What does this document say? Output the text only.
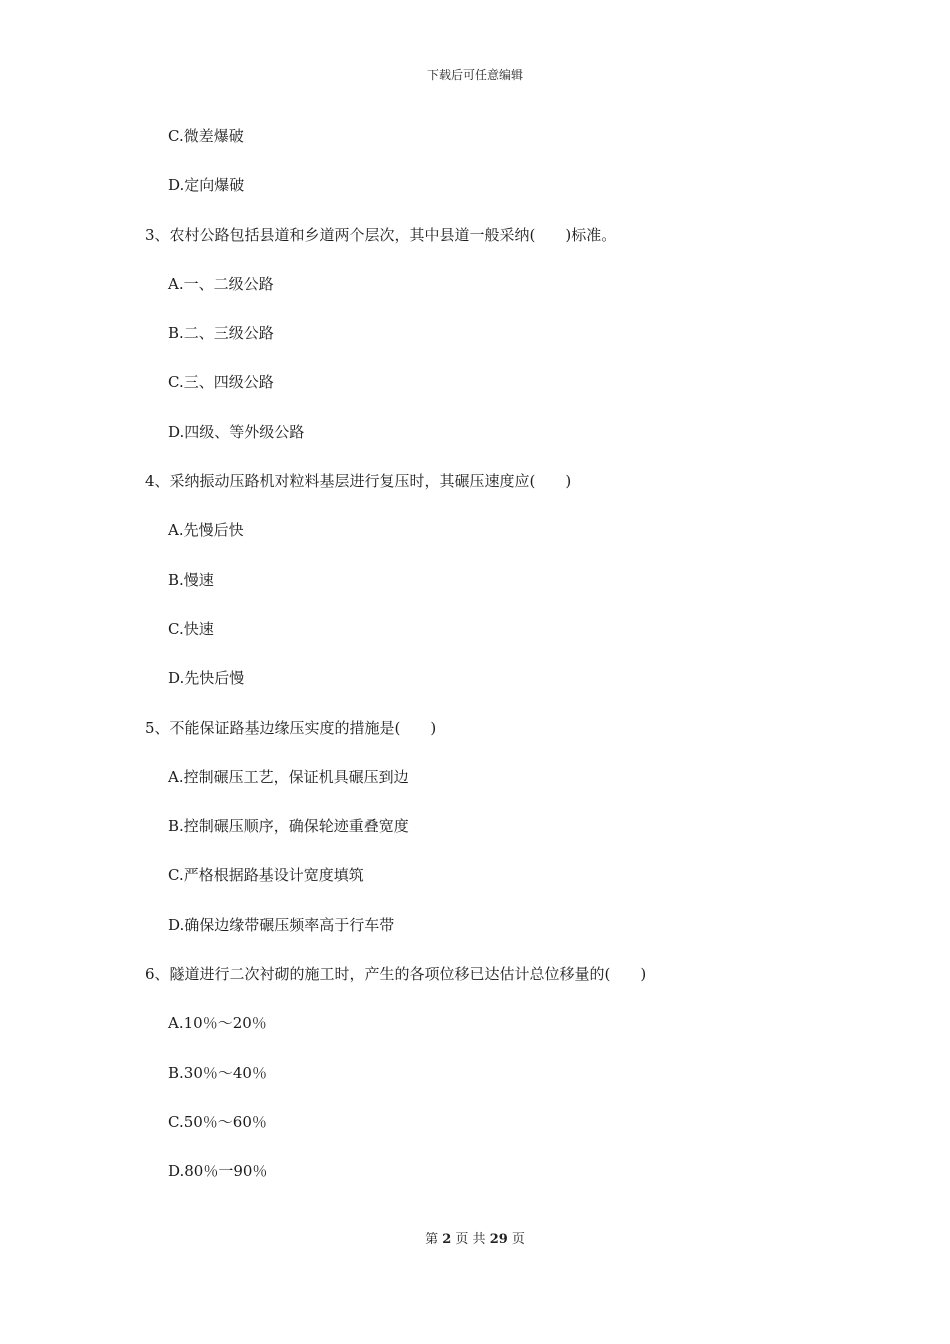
下载后可任意编辑
C.微差爆破
D.定向爆破
3、农村公路包括县道和乡道两个层次，其中县道一般采纳(　　)标准。
A.一、二级公路
B.二、三级公路
C.三、四级公路
D.四级、等外级公路
4、采纳振动压路机对粒料基层进行复压时，其碾压速度应(　　)
A.先慢后快
B.慢速
C.快速
D.先快后慢
5、不能保证路基边缘压实度的措施是(　　)
A.控制碾压工艺，保证机具碾压到边
B.控制碾压顺序，确保轮迹重叠宽度
C.严格根据路基设计宽度填筑
D.确保边缘带碾压频率高于行车带
6、隧道进行二次衬砌的施工时，产生的各项位移已达估计总位移量的(　　)
A.10％～20％
B.30％～40％
C.50％～60％
D.80％一90％
第 2 页 共 29 页
